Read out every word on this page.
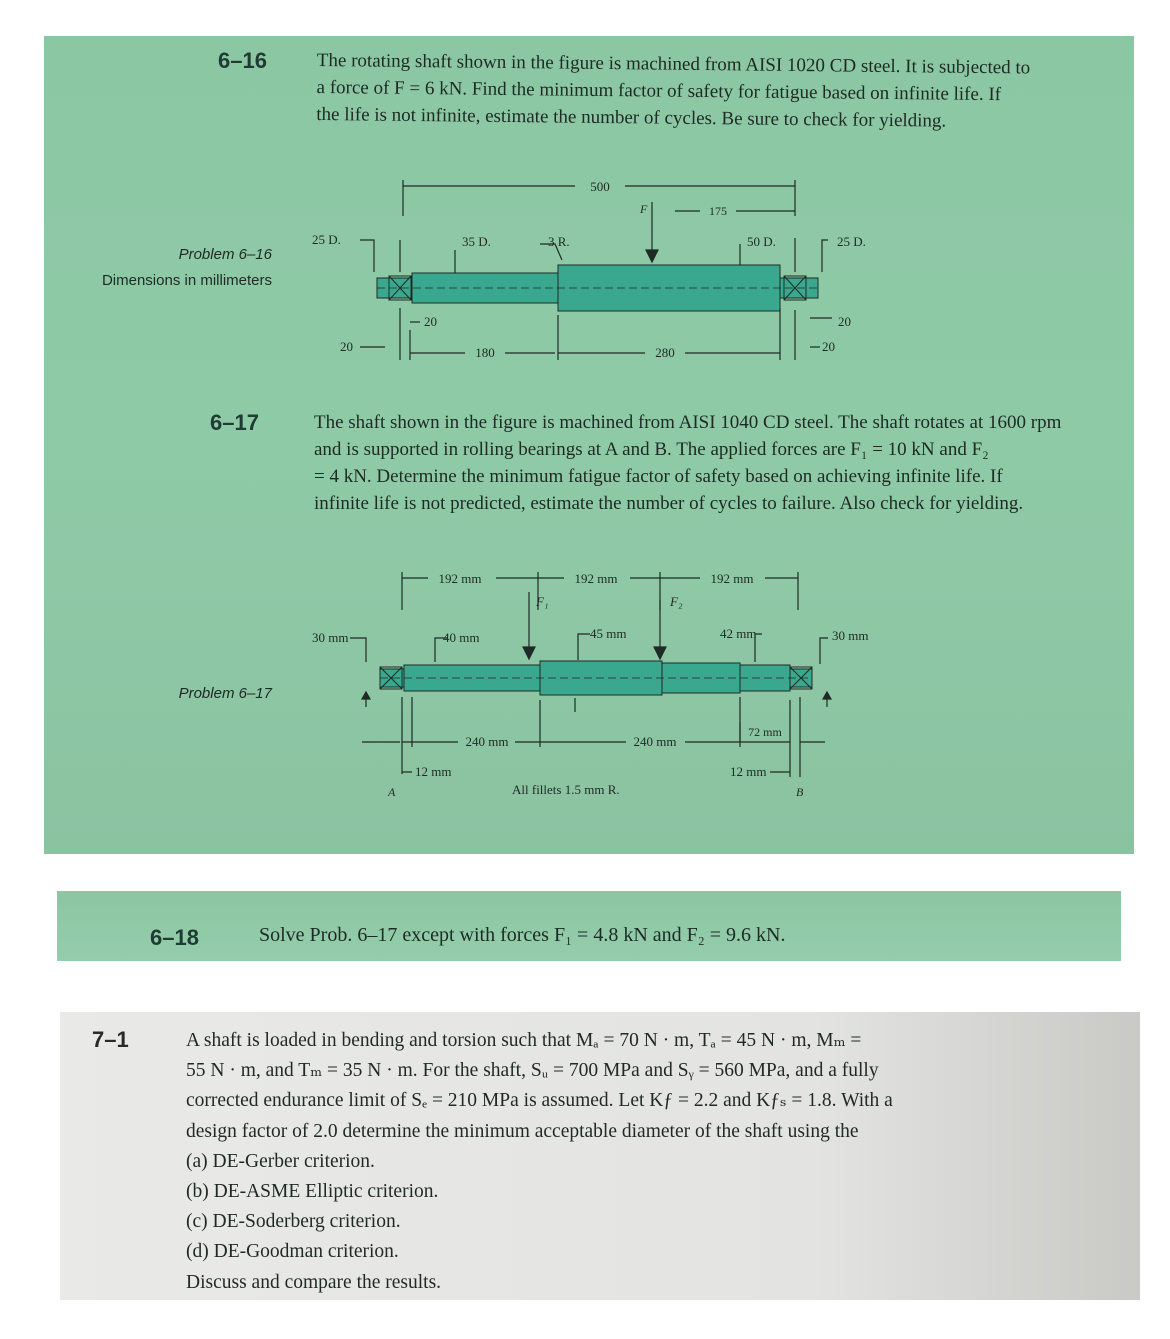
6–16	The rotating shaft shown in the figure is machined from AISI 1020 CD steel. It is subjected to
a force of F = 6 kN. Find the minimum factor of safety for fatigue based on infinite life. If
the life is not infinite, estimate the number of cycles. Be sure to check for yielding.
Problem 6–16
Dimensions in millimeters
500
F	175
25 D.	35 D.	3 R.	50 D.	25 D.
20
20	180	280
20
20
6–17	The shaft shown in the figure is machined from AISI 1040 CD steel. The shaft rotates at 1600 rpm
and is supported in rolling bearings at A and B. The applied forces are F₁ = 10 kN and F₂
= 4 kN. Determine the minimum fatigue factor of safety based on achieving infinite life. If
infinite life is not predicted, estimate the number of cycles to failure. Also check for yielding.
Problem 6–17
192 mm	192 mm	192 mm
F₁	F₂
30 mm	40 mm	45 mm	42 mm	30 mm
240 mm	240 mm
72 mm
12 mm	12 mm
A	B
All fillets 1.5 mm R.
6–18	Solve Prob. 6–17 except with forces F₁ = 4.8 kN and F₂ = 9.6 kN.
7–1	A shaft is loaded in bending and torsion such that Mₐ = 70 N · m, Tₐ = 45 N · m, Mₘ =
55 N · m, and Tₘ = 35 N · m. For the shaft, Sᵤ = 700 MPa and Sᵧ = 560 MPa, and a fully
corrected endurance limit of Sₑ = 210 MPa is assumed. Let Kƒ = 2.2 and Kƒₛ = 1.8. With a
design factor of 2.0 determine the minimum acceptable diameter of the shaft using the
(a) DE-Gerber criterion.
(b) DE-ASME Elliptic criterion.
(c) DE-Soderberg criterion.
(d) DE-Goodman criterion.
Discuss and compare the results.
